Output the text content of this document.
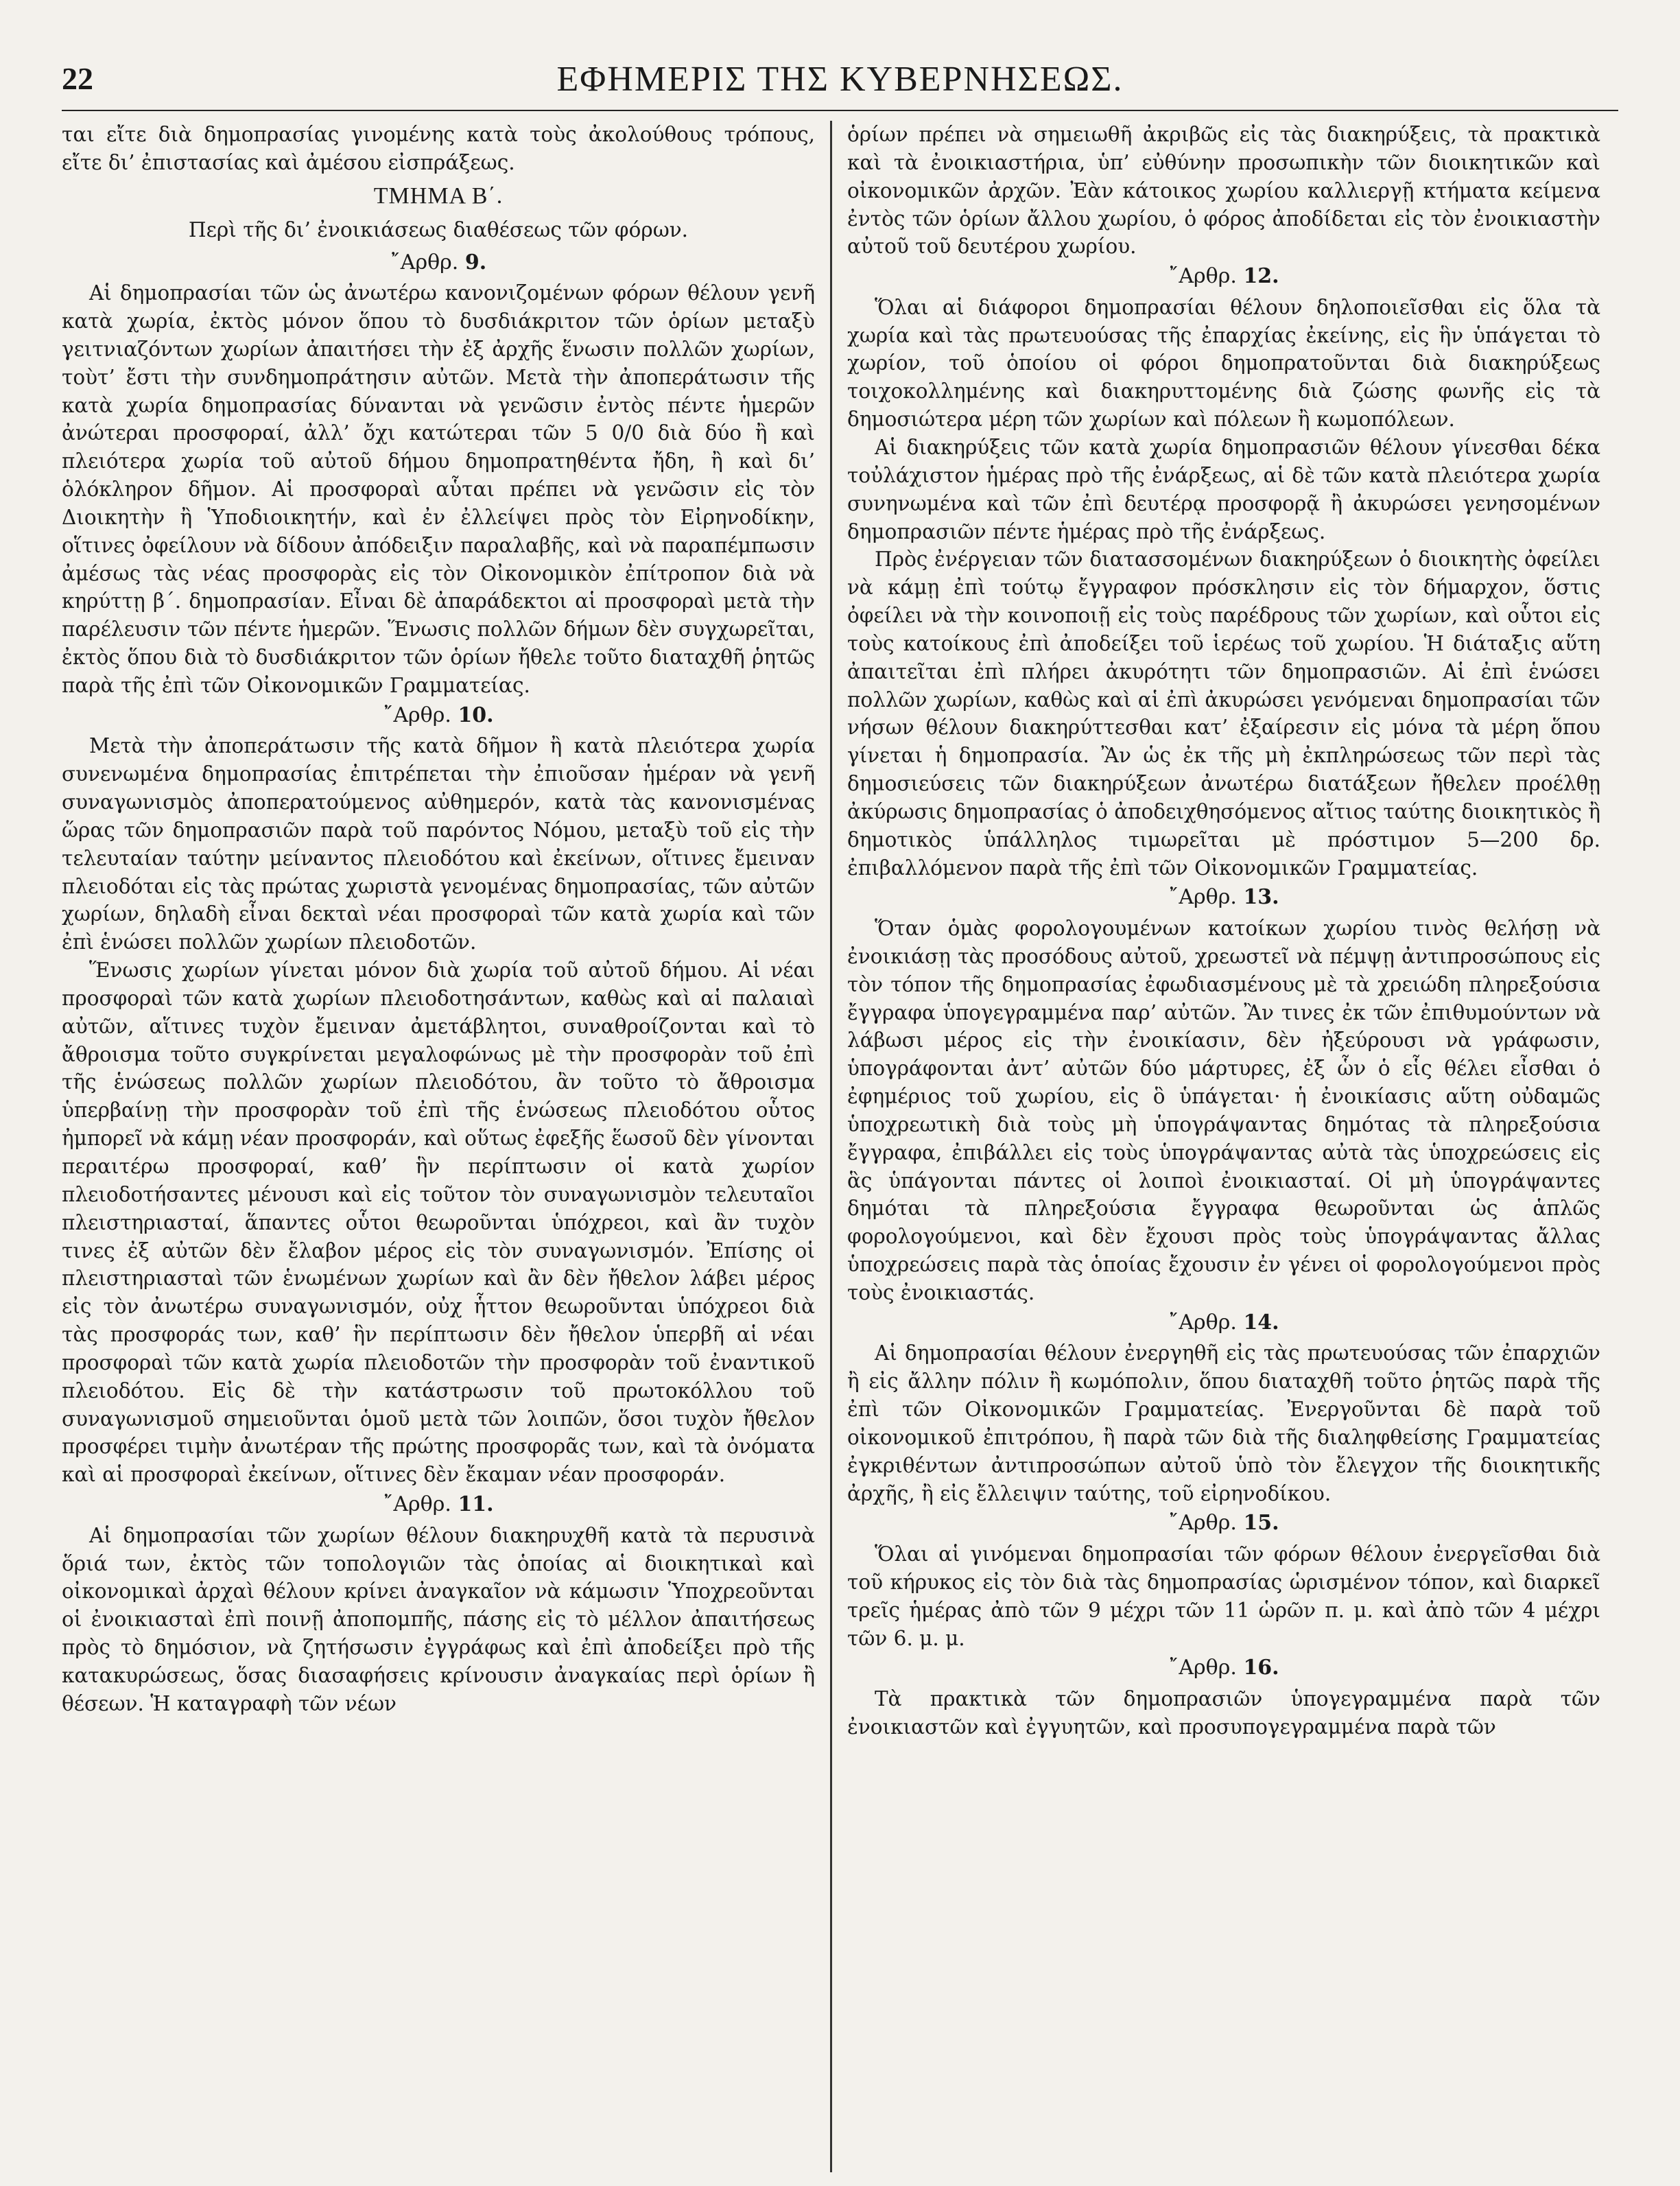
22	ΕΦΗΜΕΡΙΣ ΤΗΣ ΚΥΒΕΡΝΗΣΕΩΣ.

ται εἴτε διὰ δημοπρασίας γινομένης κατὰ τοὺς ἀκολούθους τρόπους, εἴτε δι’ ἐπιστασίας καὶ ἀμέσου εἰσπράξεως.

ΤΜΗΜΑ Β΄.
Περὶ τῆς δι’ ἐνοικιάσεως διαθέσεως τῶν φόρων.
῎Αρθρ. 9.

Αἱ δημοπρασίαι τῶν ὡς ἀνωτέρω κανονιζομένων φόρων θέλουν γενῆ κατὰ χωρία, ἐκτὸς μόνον ὅπου τὸ δυσδιάκριτον τῶν ὁρίων μεταξὺ γειτνιαζόντων χωρίων ἀπαιτήσει τὴν ἐξ ἀρχῆς ἕνωσιν πολλῶν χωρίων, τοὺτ’ ἔστι τὴν συνδημοπράτησιν αὐτῶν. Μετὰ τὴν ἀποπεράτωσιν τῆς κατὰ χωρία δημοπρασίας δύνανται νὰ γενῶσιν ἐντὸς πέντε ἡμερῶν ἀνώτεραι προσφοραί, ἀλλ’ ὄχι κατώτεραι τῶν 5 0/0 διὰ δύο ἢ καὶ πλειότερα χωρία τοῦ αὐτοῦ δήμου δημοπρατηθέντα ἤδη, ἢ καὶ δι’ ὁλόκληρον δῆμον. Αἱ προσφοραὶ αὗται πρέπει νὰ γενῶσιν εἰς τὸν Διοικητὴν ἢ Ὑποδιοικητήν, καὶ ἐν ἐλλείψει πρὸς τὸν Εἰρηνοδίκην, οἵτινες ὀφείλουν νὰ δίδουν ἀπόδειξιν παραλαβῆς, καὶ νὰ παραπέμπωσιν ἀμέσως τὰς νέας προσφορὰς εἰς τὸν Οἰκονομικὸν ἐπίτροπον διὰ νὰ κηρύττῃ β΄. δημοπρασίαν. Εἶναι δὲ ἀπαράδεκτοι αἱ προσφοραὶ μετὰ τὴν παρέλευσιν τῶν πέντε ἡμερῶν. Ἕνωσις πολλῶν δήμων δὲν συγχωρεῖται, ἐκτὸς ὅπου διὰ τὸ δυσδιάκριτον τῶν ὁρίων ἤθελε τοῦτο διαταχθῆ ῥητῶς παρὰ τῆς ἐπὶ τῶν Οἰκονομικῶν Γραμματείας.

῎Αρθρ. 10.

Μετὰ τὴν ἀποπεράτωσιν τῆς κατὰ δῆμον ἢ κατὰ πλειότερα χωρία συνενωμένα δημοπρασίας ἐπιτρέπεται τὴν ἐπιοῦσαν ἡμέραν νὰ γενῆ συναγωνισμὸς ἀποπερατούμενος αὐθημερόν, κατὰ τὰς κανονισμένας ὥρας τῶν δημοπρασιῶν παρὰ τοῦ παρόντος Νόμου, μεταξὺ τοῦ εἰς τὴν τελευταίαν ταύτην μείναντος πλειοδότου καὶ ἐκείνων, οἵτινες ἔμειναν πλειοδόται εἰς τὰς πρώτας χωριστὰ γενομένας δημοπρασίας, τῶν αὐτῶν χωρίων, δηλαδὴ εἶναι δεκταὶ νέαι προσφοραὶ τῶν κατὰ χωρία καὶ τῶν ἐπὶ ἑνώσει πολλῶν χωρίων πλειοδοτῶν.

Ἕνωσις χωρίων γίνεται μόνον διὰ χωρία τοῦ αὐτοῦ δήμου. Αἱ νέαι προσφοραὶ τῶν κατὰ χωρίων πλειοδοτησάντων, καθὼς καὶ αἱ παλαιαὶ αὐτῶν, αἵτινες τυχὸν ἔμειναν ἀμετάβλητοι, συναθροίζονται καὶ τὸ ἄθροισμα τοῦτο συγκρίνεται μεγαλοφώνως μὲ τὴν προσφορὰν τοῦ ἐπὶ τῆς ἑνώσεως πολλῶν χωρίων πλειοδότου, ἂν τοῦτο τὸ ἄθροισμα ὑπερβαίνῃ τὴν προσφορὰν τοῦ ἐπὶ τῆς ἑνώσεως πλειοδότου οὗτος ἠμπορεῖ νὰ κάμῃ νέαν προσφοράν, καὶ οὕτως ἐφεξῆς ἕωσοῦ δὲν γίνονται περαιτέρω προσφοραί, καθ’ ἣν περίπτωσιν οἱ κατὰ χωρίον πλειοδοτήσαντες μένουσι καὶ εἰς τοῦτον τὸν συναγωνισμὸν τελευταῖοι πλειστηριασταί, ἅπαντες οὗτοι θεωροῦνται ὑπόχρεοι, καὶ ἂν τυχὸν τινες ἐξ αὐτῶν δὲν ἔλαβον μέρος εἰς τὸν συναγωνισμόν. Ἐπίσης οἱ πλειστηριασταὶ τῶν ἑνωμένων χωρίων καὶ ἂν δὲν ἤθελον λάβει μέρος εἰς τὸν ἀνωτέρω συναγωνισμόν, οὐχ ἧττον θεωροῦνται ὑπόχρεοι διὰ τὰς προσφοράς των, καθ’ ἣν περίπτωσιν δὲν ἤθελον ὑπερβῆ αἱ νέαι προσφοραὶ τῶν κατὰ χωρία πλειοδοτῶν τὴν προσφορὰν τοῦ ἐναντικοῦ πλειοδότου. Εἰς δὲ τὴν κατάστρωσιν τοῦ πρωτοκόλλου τοῦ συναγωνισμοῦ σημειοῦνται ὁμοῦ μετὰ τῶν λοιπῶν, ὅσοι τυχὸν ἤθελον προσφέρει τιμὴν ἀνωτέραν τῆς πρώτης προσφορᾶς των, καὶ τὰ ὀνόματα καὶ αἱ προσφοραὶ ἐκείνων, οἵτινες δὲν ἔκαμαν νέαν προσφοράν.

῎Αρθρ. 11.

Αἱ δημοπρασίαι τῶν χωρίων θέλουν διακηρυχθῆ κατὰ τὰ περυσινὰ ὅριά των, ἐκτὸς τῶν τοπολογιῶν τὰς ὁποίας αἱ διοικητικαὶ καὶ οἰκονομικαὶ ἀρχαὶ θέλουν κρίνει ἀναγκαῖον νὰ κάμωσιν Ὑποχρεοῦνται οἱ ἐνοικιασταὶ ἐπὶ ποινῇ ἀποπομπῆς, πάσης εἰς τὸ μέλλον ἀπαιτήσεως πρὸς τὸ δημόσιον, νὰ ζητήσωσιν ἐγγράφως καὶ ἐπὶ ἀποδείξει πρὸ τῆς κατακυρώσεως, ὅσας διασαφήσεις κρίνουσιν ἀναγκαίας περὶ ὁρίων ἢ θέσεων. Ἡ καταγραφὴ τῶν νέων

ὁρίων πρέπει νὰ σημειωθῆ ἀκριβῶς εἰς τὰς διακηρύξεις, τὰ πρακτικὰ καὶ τὰ ἐνοικιαστήρια, ὑπ’ εὐθύνην προσωπικὴν τῶν διοικητικῶν καὶ οἰκονομικῶν ἀρχῶν. Ἐὰν κάτοικος χωρίου καλλιεργῇ κτήματα κείμενα ἐντὸς τῶν ὁρίων ἄλλου χωρίου, ὁ φόρος ἀποδίδεται εἰς τὸν ἐνοικιαστὴν αὐτοῦ τοῦ δευτέρου χωρίου.

῎Αρθρ. 12.

Ὅλαι αἱ διάφοροι δημοπρασίαι θέλουν δηλοποιεῖσθαι εἰς ὅλα τὰ χωρία καὶ τὰς πρωτευούσας τῆς ἐπαρχίας ἐκείνης, εἰς ἣν ὑπάγεται τὸ χωρίον, τοῦ ὁποίου οἱ φόροι δημοπρατοῦνται διὰ διακηρύξεως τοιχοκολλημένης καὶ διακηρυττομένης διὰ ζώσης φωνῆς εἰς τὰ δημοσιώτερα μέρη τῶν χωρίων καὶ πόλεων ἢ κωμοπόλεων.

Αἱ διακηρύξεις τῶν κατὰ χωρία δημοπρασιῶν θέλουν γίνεσθαι δέκα τοὐλάχιστον ἡμέρας πρὸ τῆς ἐνάρξεως, αἱ δὲ τῶν κατὰ πλειότερα χωρία συνηνωμένα καὶ τῶν ἐπὶ δευτέρᾳ προσφορᾷ ἢ ἀκυρώσει γενησομένων δημοπρασιῶν πέντε ἡμέρας πρὸ τῆς ἐνάρξεως.

Πρὸς ἐνέργειαν τῶν διατασσομένων διακηρύξεων ὁ διοικητὴς ὀφείλει νὰ κάμῃ ἐπὶ τούτῳ ἔγγραφον πρόσκλησιν εἰς τὸν δήμαρχον, ὅστις ὀφείλει νὰ τὴν κοινοποιῇ εἰς τοὺς παρέδρους τῶν χωρίων, καὶ οὗτοι εἰς τοὺς κατοίκους ἐπὶ ἀποδείξει τοῦ ἱερέως τοῦ χωρίου. Ἡ διάταξις αὕτη ἀπαιτεῖται ἐπὶ πλήρει ἀκυρότητι τῶν δημοπρασιῶν. Αἱ ἐπὶ ἑνώσει πολλῶν χωρίων, καθὼς καὶ αἱ ἐπὶ ἀκυρώσει γενόμεναι δημοπρασίαι τῶν νήσων θέλουν διακηρύττεσθαι κατ’ ἐξαίρεσιν εἰς μόνα τὰ μέρη ὅπου γίνεται ἡ δημοπρασία. Ἂν ὡς ἐκ τῆς μὴ ἐκπληρώσεως τῶν περὶ τὰς δημοσιεύσεις τῶν διακηρύξεων ἀνωτέρω διατάξεων ἤθελεν προέλθῃ ἀκύρωσις δημοπρασίας ὁ ἀποδειχθησόμενος αἴτιος ταύτης διοικητικὸς ἢ δημοτικὸς ὑπάλληλος τιμωρεῖται μὲ πρόστιμον 5—200 δρ. ἐπιβαλλόμενον παρὰ τῆς ἐπὶ τῶν Οἰκονομικῶν Γραμματείας.

῎Αρθρ. 13.

Ὅταν ὁμὰς φορολογουμένων κατοίκων χωρίου τινὸς θελήσῃ νὰ ἐνοικιάσῃ τὰς προσόδους αὐτοῦ, χρεωστεῖ νὰ πέμψῃ ἀντιπροσώπους εἰς τὸν τόπον τῆς δημοπρασίας ἐφωδιασμένους μὲ τὰ χρειώδη πληρεξούσια ἔγγραφα ὑπογεγραμμένα παρ’ αὐτῶν. Ἂν τινες ἐκ τῶν ἐπιθυμούντων νὰ λάβωσι μέρος εἰς τὴν ἐνοικίασιν, δὲν ἠξεύρουσι νὰ γράφωσιν, ὑπογράφονται ἀντ’ αὐτῶν δύο μάρτυρες, ἐξ ὧν ὁ εἷς θέλει εἶσθαι ὁ ἐφημέριος τοῦ χωρίου, εἰς ὃ ὑπάγεται· ἡ ἐνοικίασις αὕτη οὐδαμῶς ὑποχρεωτικὴ διὰ τοὺς μὴ ὑπογράψαντας δημότας τὰ πληρεξούσια ἔγγραφα, ἐπιβάλλει εἰς τοὺς ὑπογράψαντας αὐτὰ τὰς ὑποχρεώσεις εἰς ἃς ὑπάγονται πάντες οἱ λοιποὶ ἐνοικιασταί. Οἱ μὴ ὑπογράψαντες δημόται τὰ πληρεξούσια ἔγγραφα θεωροῦνται ὡς ἁπλῶς φορολογούμενοι, καὶ δὲν ἔχουσι πρὸς τοὺς ὑπογράψαντας ἄλλας ὑποχρεώσεις παρὰ τὰς ὁποίας ἔχουσιν ἐν γένει οἱ φορολογούμενοι πρὸς τοὺς ἐνοικιαστάς.

῎Αρθρ. 14.

Αἱ δημοπρασίαι θέλουν ἐνεργηθῆ εἰς τὰς πρωτευούσας τῶν ἐπαρχιῶν ἢ εἰς ἄλλην πόλιν ἢ κωμόπολιν, ὅπου διαταχθῆ τοῦτο ῥητῶς παρὰ τῆς ἐπὶ τῶν Οἰκονομικῶν Γραμματείας. Ἐνεργοῦνται δὲ παρὰ τοῦ οἰκονομικοῦ ἐπιτρόπου, ἢ παρὰ τῶν διὰ τῆς διαληφθείσης Γραμματείας ἐγκριθέντων ἀντιπροσώπων αὐτοῦ ὑπὸ τὸν ἔλεγχον τῆς διοικητικῆς ἀρχῆς, ἢ εἰς ἔλλειψιν ταύτης, τοῦ εἰρηνοδίκου.

῎Αρθρ. 15.

Ὅλαι αἱ γινόμεναι δημοπρασίαι τῶν φόρων θέλουν ἐνεργεῖσθαι διὰ τοῦ κήρυκος εἰς τὸν διὰ τὰς δημοπρασίας ὡρισμένον τόπον, καὶ διαρκεῖ τρεῖς ἡμέρας ἀπὸ τῶν 9 μέχρι τῶν 11 ὡρῶν π. μ. καὶ ἀπὸ τῶν 4 μέχρι τῶν 6. μ. μ.

῎Αρθρ. 16.

Τὰ πρακτικὰ τῶν δημοπρασιῶν ὑπογεγραμμένα παρὰ τῶν ἐνοικιαστῶν καὶ ἐγγυητῶν, καὶ προσυπογεγραμμένα παρὰ τῶν
